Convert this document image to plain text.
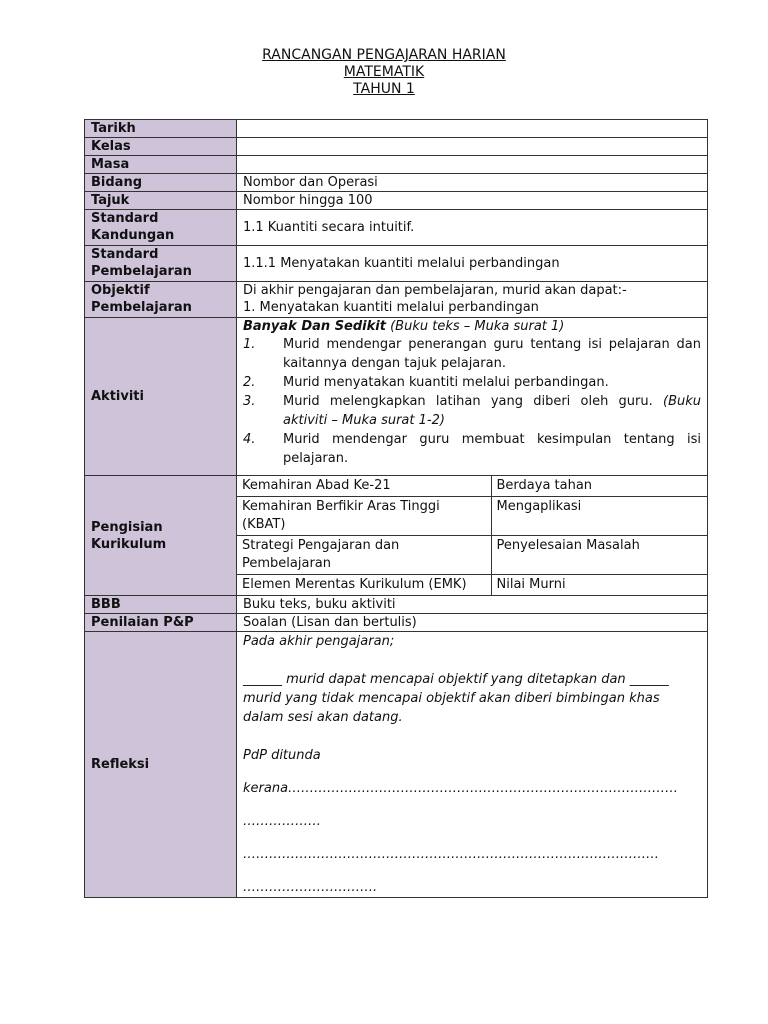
RANCANGAN PENGAJARAN HARIAN
MATEMATIK
TAHUN 1
Tarikh	
Kelas	
Masa	
Bidang	Nombor dan Operasi
Tajuk	Nombor hingga 100

Standard
Kandungan
	1.1 Kuantiti secara intuitif.

Standard
Pembelajaran
	1.1.1 Menyatakan kuantiti melalui perbandingan

Objektif
Pembelajaran

Di akhir pengajaran dan pembelajaran, murid akan dapat:-
1. Menyatakan kuantiti melalui perbandingan

Aktiviti	
Banyak Dan Sedikit (Buku teks – Muka surat 1)
1. Murid mendengar penerangan guru tentang isi pelajaran dan kaitannya dengan tajuk pelajaran.
2. Murid menyatakan kuantiti melalui perbandingan.
3. Murid melengkapkan latihan yang diberi oleh guru. (Buku aktiviti – Muka surat 1-2)
4. Murid mendengar guru membuat kesimpulan tentang isi pelajaran.

Pengisian
Kurikulum

Kemahiran Abad Ke-21	Berdaya tahan

Kemahiran Berfikir Aras Tinggi
(KBAT)
	Mengaplikasi

Strategi Pengajaran dan
Pembelajaran
	Penyelesaian Masalah

Elemen Merentas Kurikulum (EMK)	Nilai Murni

BBB	Buku teks, buku aktiviti
Penilaian P&P	Soalan (Lisan dan bertulis)
Refleksi	

Pada akhir pengajaran;

______ murid dapat mencapai objektif yang ditetapkan dan ______ murid yang tidak mencapai objektif akan diberi bimbingan khas dalam sesi akan datang.

PdP ditunda

kerana………………………………………………………………………………

………………

……………………………………………………………………………………

………………………….
